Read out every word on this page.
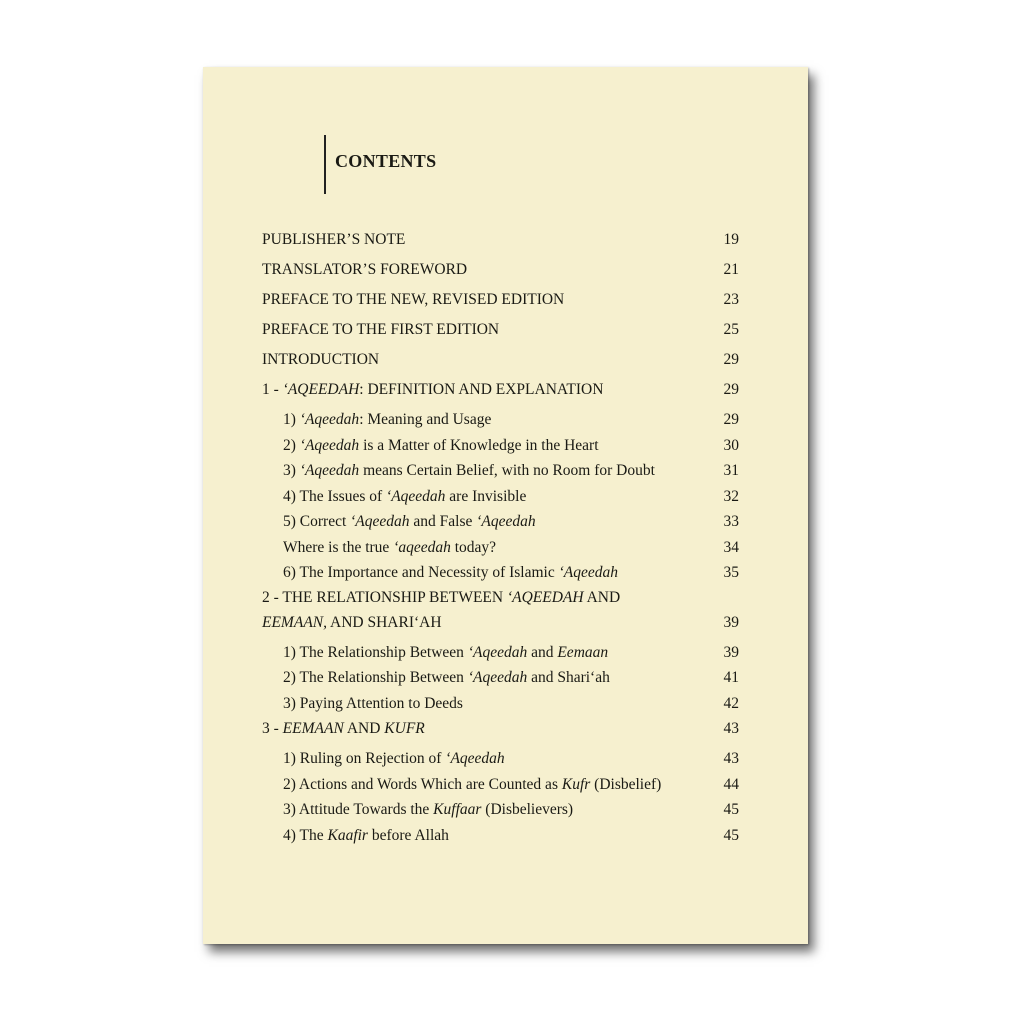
CONTENTS
PUBLISHER’S NOTE	19
TRANSLATOR’S FOREWORD	21
PREFACE TO THE NEW, REVISED EDITION	23
PREFACE TO THE FIRST EDITION	25
INTRODUCTION	29
1 - ‘AQEEDAH: DEFINITION AND EXPLANATION	29
1) ‘Aqeedah: Meaning and Usage	29
2) ‘Aqeedah is a Matter of Knowledge in the Heart	30
3) ‘Aqeedah means Certain Belief, with no Room for Doubt	31
4) The Issues of ‘Aqeedah are Invisible	32
5) Correct ‘Aqeedah and False ‘Aqeedah	33
Where is the true ‘aqeedah today?	34
6) The Importance and Necessity of Islamic ‘Aqeedah	35
2 - THE RELATIONSHIP BETWEEN ‘AQEEDAH AND
EEMAAN, AND SHARI‘AH	39
1) The Relationship Between ‘Aqeedah and Eemaan	39
2) The Relationship Between ‘Aqeedah and Shari‘ah	41
3) Paying Attention to Deeds	42
3 - EEMAAN AND KUFR	43
1) Ruling on Rejection of ‘Aqeedah	43
2) Actions and Words Which are Counted as Kufr (Disbelief)	44
3) Attitude Towards the Kuffaar (Disbelievers)	45
4) The Kaafir before Allah	45
